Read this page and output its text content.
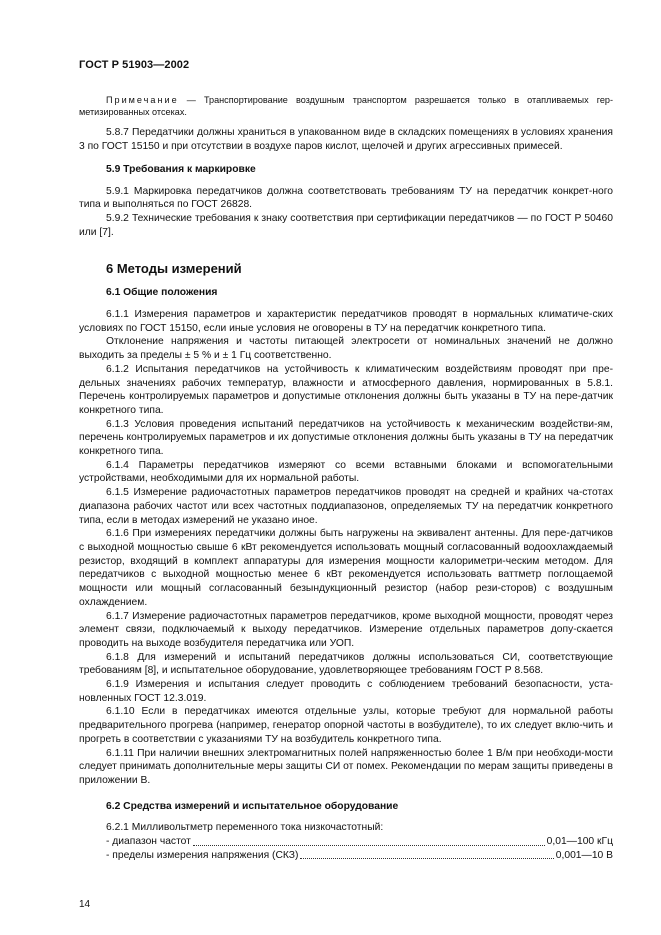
ГОСТ Р 51903—2002

Примечание — Транспортирование воздушным транспортом разрешается только в отапливаемых гер-метизированных отсеках.

5.8.7 Передатчики должны храниться в упакованном виде в складских помещениях в условиях хранения 3 по ГОСТ 15150 и при отсутствии в воздухе паров кислот, щелочей и других агрессивных примесей.

5.9 Требования к маркировке

5.9.1 Маркировка передатчиков должна соответствовать требованиям ТУ на передатчик конкрет-ного типа и выполняться по ГОСТ 26828.

5.9.2 Технические требования к знаку соответствия при сертификации передатчиков — по ГОСТ Р 50460 или [7].

6 Методы измерений

6.1 Общие положения

6.1.1 Измерения параметров и характеристик передатчиков проводят в нормальных климатиче-ских условиях по ГОСТ 15150, если иные условия не оговорены в ТУ на передатчик конкретного типа.

Отклонение напряжения и частоты питающей электросети от номинальных значений не должно выходить за пределы ± 5 % и ± 1 Гц соответственно.

6.1.2 Испытания передатчиков на устойчивость к климатическим воздействиям проводят при пре-дельных значениях рабочих температур, влажности и атмосферного давления, нормированных в 5.8.1. Перечень контролируемых параметров и допустимые отклонения должны быть указаны в ТУ на пере-датчик конкретного типа.

6.1.3 Условия проведения испытаний передатчиков на устойчивость к механическим воздействи-ям, перечень контролируемых параметров и их допустимые отклонения должны быть указаны в ТУ на передатчик конкретного типа.

6.1.4 Параметры передатчиков измеряют со всеми вставными блоками и вспомогательными устройствами, необходимыми для их нормальной работы.

6.1.5 Измерение радиочастотных параметров передатчиков проводят на средней и крайних ча-стотах диапазона рабочих частот или всех частотных поддиапазонов, определяемых ТУ на передатчик конкретного типа, если в методах измерений не указано иное.

6.1.6 При измерениях передатчики должны быть нагружены на эквивалент антенны. Для пере-датчиков с выходной мощностью свыше 6 кВт рекомендуется использовать мощный согласованный водоохлаждаемый резистор, входящий в комплект аппаратуры для измерения мощности калориметри-ческим методом. Для передатчиков с выходной мощностью менее 6 кВт рекомендуется использовать ваттметр поглощаемой мощности или мощный согласованный безындукционный резистор (набор рези-сторов) с воздушным охлаждением.

6.1.7 Измерение радиочастотных параметров передатчиков, кроме выходной мощности, проводят через элемент связи, подключаемый к выходу передатчиков. Измерение отдельных параметров допу-скается проводить на выходе возбудителя передатчика или УОП.

6.1.8 Для измерений и испытаний передатчиков должны использоваться СИ, соответствующие требованиям [8], и испытательное оборудование, удовлетворяющее требованиям ГОСТ Р 8.568.

6.1.9 Измерения и испытания следует проводить с соблюдением требований безопасности, уста-новленных ГОСТ 12.3.019.

6.1.10 Если в передатчиках имеются отдельные узлы, которые требуют для нормальной работы предварительного прогрева (например, генератор опорной частоты в возбудителе), то их следует вклю-чить и прогреть в соответствии с указаниями ТУ на возбудитель конкретного типа.

6.1.11 При наличии внешних электромагнитных полей напряженностью более 1 В/м при необходи-мости следует принимать дополнительные меры защиты СИ от помех. Рекомендации по мерам защиты приведены в приложении В.

6.2 Средства измерений и испытательное оборудование

6.2.1 Милливольтметр переменного тока низкочастотный:

- диапазон частот	0,01—100 кГц
- пределы измерения напряжения (СКЗ)	0,001—10 В
14
